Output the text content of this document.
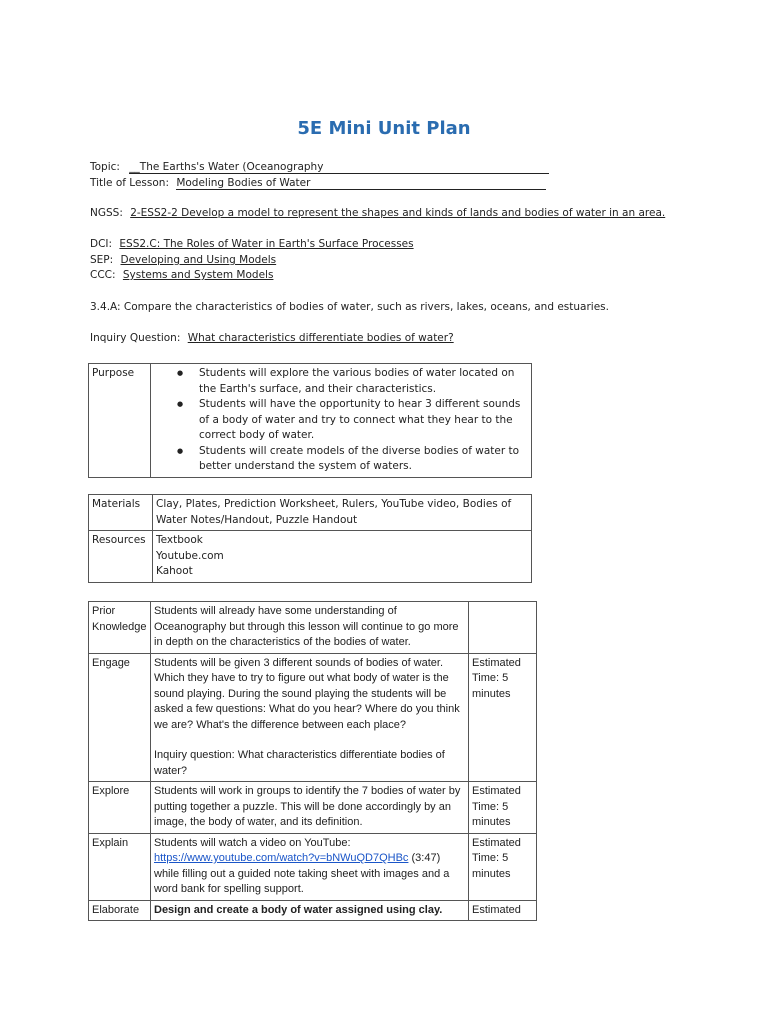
5E Mini Unit Plan
Topic: __The Earths's Water (Oceanography
Title of Lesson: Modeling Bodies of Water
NGSS: 2-ESS2-2 Develop a model to represent the shapes and kinds of lands and bodies of water in an area.
DCI: ESS2.C: The Roles of Water in Earth's Surface Processes
SEP: Developing and Using Models
CCC: Systems and System Models
3.4.A: Compare the characteristics of bodies of water, such as rivers, lakes, oceans, and estuaries.
Inquiry Question: What characteristics differentiate bodies of water?
Purpose	
●Students will explore the various bodies of water located on the Earth's surface, and their characteristics.
● Students will have the opportunity to hear 3 different sounds of a body of water and try to connect what they hear to the correct body of water.
● Students will create models of the diverse bodies of water to better understand the system of waters.
Materials	Clay, Plates, Prediction Worksheet, Rulers, YouTube video, Bodies of Water Notes/Handout, Puzzle Handout
Resources	Textbook
Youtube.com
Kahoot
Prior Knowledge	Students will already have some understanding of Oceanography but through this lesson will continue to go more in depth on the characteristics of the bodies of water.	
Engage	Students will be given 3 different sounds of bodies of water. Which they have to try to figure out what body of water is the sound playing. During the sound playing the students will be asked a few questions: What do you hear? Where do you think we are? What's the difference between each place?
Inquiry question: What characteristics differentiate bodies of water?	Estimated Time: 5 minutes
Explore	Students will work in groups to identify the 7 bodies of water by putting together a puzzle. This will be done accordingly by an image, the body of water, and its definition.	Estimated Time: 5 minutes
Explain	Students will watch a video on YouTube:
https://www.youtube.com/watch?v=bNWuQD7QHBc (3:47) while filling out a guided note taking sheet with images and a word bank for spelling support.	Estimated Time: 5 minutes
Elaborate	Design and create a body of water assigned using clay.	Estimated
